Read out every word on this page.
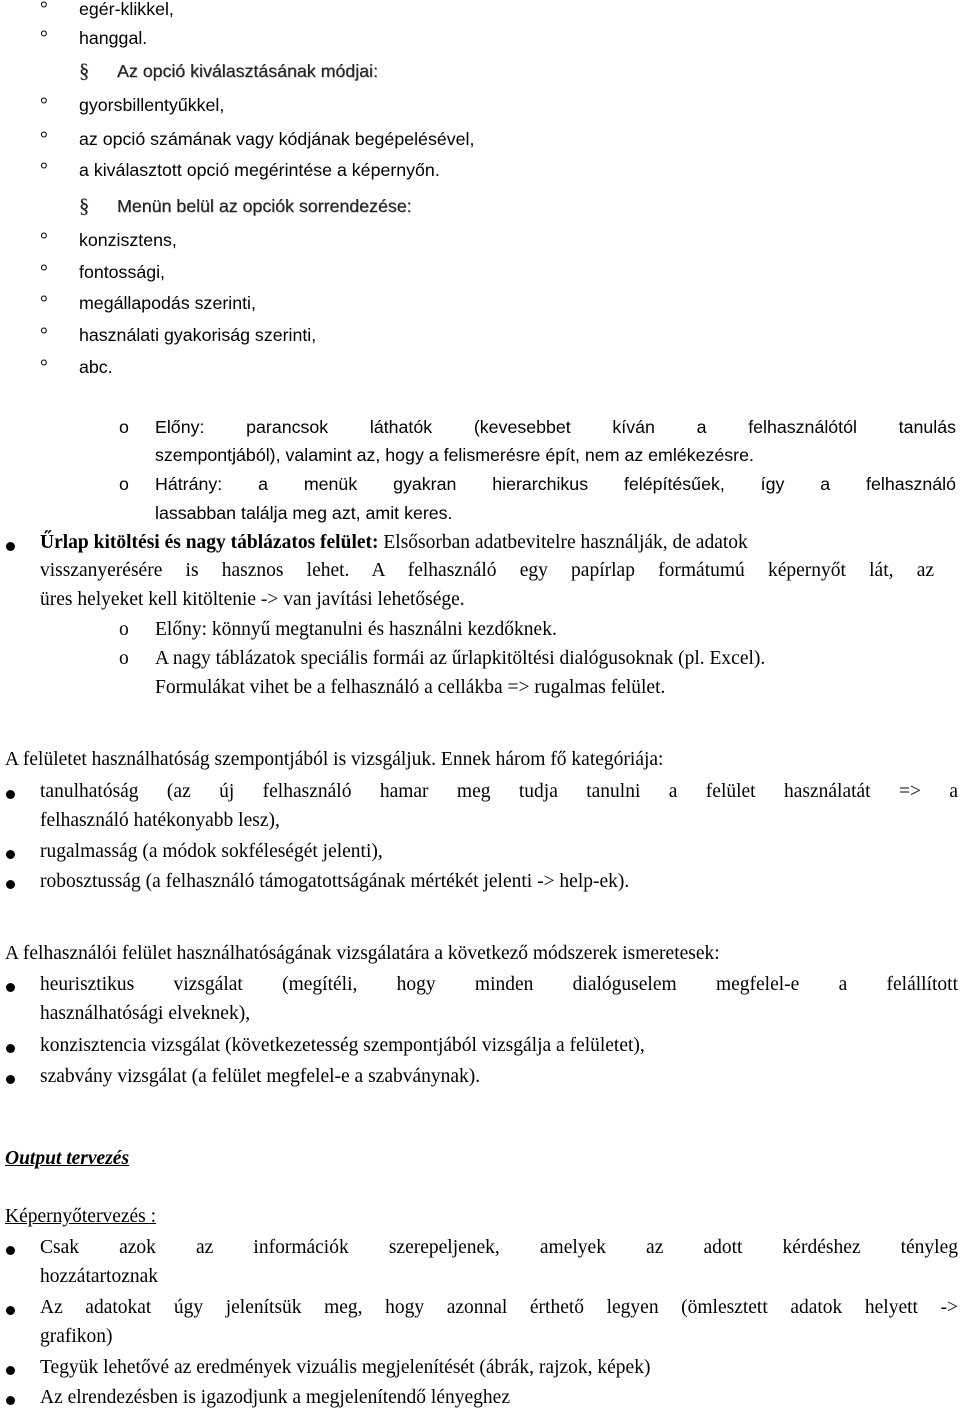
° egér-klikkel,
° hanggal.
§ Az opció kiválasztásának módjai:
° gyorsbillentyűkkel,
° az opció számának vagy kódjának begépelésével,
° a kiválasztott opció megérintése a képernyőn.
§ Menün belül az opciók sorrendezése:
° konzisztens,
° fontossági,
° megállapodás szerinti,
° használati gyakoriság szerinti,
° abc.
o Előny: parancsok láthatók (kevesebbet kíván a felhasználótól tanulás
szempontjából), valamint az, hogy a felismerésre épít, nem az emlékezésre.
o Hátrány: a menük gyakran hierarchikus felépítésűek, így a felhasználó
lassabban találja meg azt, amit keres.
Űrlap kitöltési és nagy táblázatos felület: Elsősorban adatbevitelre használják, de adatok
visszanyerésére is hasznos lehet. A felhasználó egy papírlap formátumú képernyőt lát, az
üres helyeket kell kitöltenie -> van javítási lehetősége.
o Előny: könnyű megtanulni és használni kezdőknek.
o A nagy táblázatok speciális formái az űrlapkitöltési dialógusoknak (pl. Excel).
Formulákat vihet be a felhasználó a cellákba => rugalmas felület.
A felületet használhatóság szempontjából is vizsgáljuk. Ennek három fő kategóriája:
tanulhatóság (az új felhasználó hamar meg tudja tanulni a felület használatát => a
felhasználó hatékonyabb lesz),
rugalmasság (a módok sokféleségét jelenti),
robosztusság (a felhasználó támogatottságának mértékét jelenti -> help-ek).
A felhasználói felület használhatóságának vizsgálatára a következő módszerek ismeretesek:
heurisztikus vizsgálat (megítéli, hogy minden dialóguselem megfelel-e a felállított
használhatósági elveknek),
konzisztencia vizsgálat (következetesség szempontjából vizsgálja a felületet),
szabvány vizsgálat (a felület megfelel-e a szabványnak).
Output tervezés
Képernyőtervezés :
Csak azok az információk szerepeljenek, amelyek az adott kérdéshez tényleg
hozzátartoznak
Az adatokat úgy jelenítsük meg, hogy azonnal érthető legyen (ömlesztett adatok helyett ->
grafikon)
Tegyük lehetővé az eredmények vizuális megjelenítését (ábrák, rajzok, képek)
Az elrendezésben is igazodjunk a megjelenítendő lényeghez
